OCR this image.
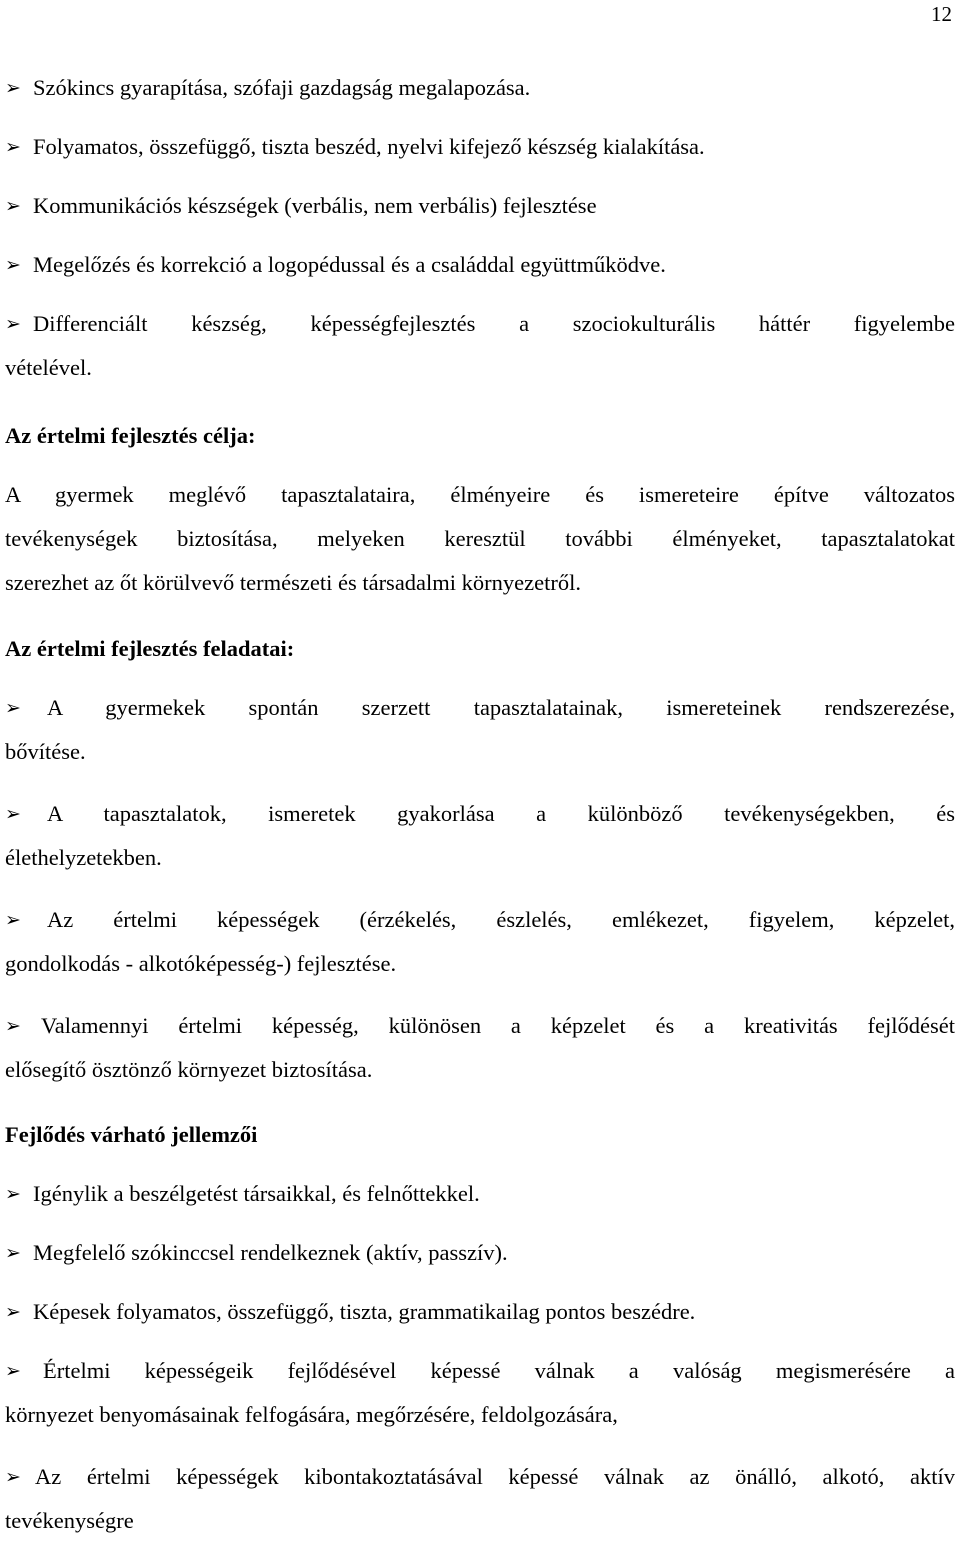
12
➢ Szókincs gyarapítása, szófaji gazdagság megalapozása.
➢ Folyamatos, összefüggő, tiszta beszéd, nyelvi kifejező készség kialakítása.
➢ Kommunikációs készségek (verbális, nem verbális) fejlesztése
➢ Megelőzés és korrekció a logopédussal és a családdal együttműködve.
➢ Differenciált készség, képességfejlesztés a szociokulturális háttér figyelembe
vételével.
Az értelmi fejlesztés célja:
A gyermek meglévő tapasztalataira, élményeire és ismereteire építve változatos
tevékenységek biztosítása, melyeken keresztül további élményeket, tapasztalatokat
szerezhet az őt körülvevő természeti és társadalmi környezetről.
Az értelmi fejlesztés feladatai:
➢ A gyermekek spontán szerzett tapasztalatainak, ismereteinek rendszerezése,
bővítése.
➢ A tapasztalatok, ismeretek gyakorlása a különböző tevékenységekben, és
élethelyzetekben.
➢ Az értelmi képességek (érzékelés, észlelés, emlékezet, figyelem, képzelet,
gondolkodás - alkotóképesség-) fejlesztése.
➢ Valamennyi értelmi képesség, különösen a képzelet és a kreativitás fejlődését
elősegítő ösztönző környezet biztosítása.
Fejlődés várható jellemzői
➢ Igénylik a beszélgetést társaikkal, és felnőttekkel.
➢ Megfelelő szókinccsel rendelkeznek (aktív, passzív).
➢ Képesek folyamatos, összefüggő, tiszta, grammatikailag pontos beszédre.
➢ Értelmi képességeik fejlődésével képessé válnak a valóság megismerésére a
környezet benyomásainak felfogására, megőrzésére, feldolgozására,
➢ Az értelmi képességek kibontakoztatásával képessé válnak az önálló, alkotó, aktív
tevékenységre
